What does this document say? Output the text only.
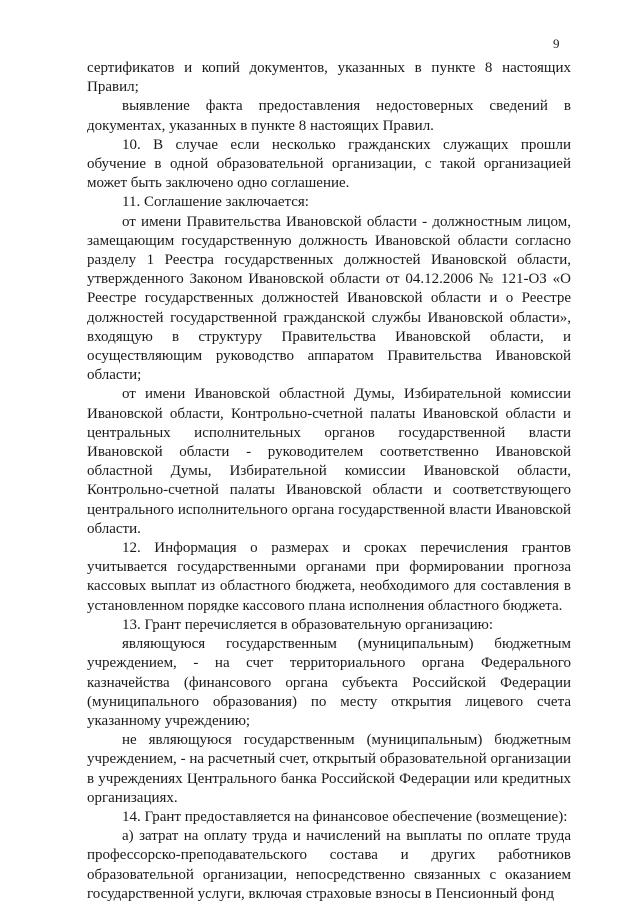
9

сертификатов и копий документов, указанных в пункте 8 настоящих Правил;

выявление факта предоставления недостоверных сведений в документах, указанных в пункте 8 настоящих Правил.

10. В случае если несколько гражданских служащих прошли обучение в одной образовательной организации, с такой организацией может быть заключено одно соглашение.

11. Соглашение заключается:

от имени Правительства Ивановской области - должностным лицом, замещающим государственную должность Ивановской области согласно разделу 1 Реестра государственных должностей Ивановской области, утвержденного Законом Ивановской области от 04.12.2006 № 121-ОЗ «О Реестре государственных должностей Ивановской области и о Реестре должностей государственной гражданской службы Ивановской области», входящую в структуру Правительства Ивановской области, и осуществляющим руководство аппаратом Правительства Ивановской области;

от имени Ивановской областной Думы, Избирательной комиссии Ивановской области, Контрольно-счетной палаты Ивановской области и центральных исполнительных органов государственной власти Ивановской области - руководителем соответственно Ивановской областной Думы, Избирательной комиссии Ивановской области, Контрольно-счетной палаты Ивановской области и соответствующего центрального исполнительного органа государственной власти Ивановской области.

12. Информация о размерах и сроках перечисления грантов учитывается государственными органами при формировании прогноза кассовых выплат из областного бюджета, необходимого для составления в установленном порядке кассового плана исполнения областного бюджета.

13. Грант перечисляется в образовательную организацию:

являющуюся государственным (муниципальным) бюджетным учреждением, - на счет территориального органа Федерального казначейства (финансового органа субъекта Российской Федерации (муниципального образования) по месту открытия лицевого счета указанному учреждению;

не являющуюся государственным (муниципальным) бюджетным учреждением, - на расчетный счет, открытый образовательной организации в учреждениях Центрального банка Российской Федерации или кредитных организациях.

14. Грант предоставляется на финансовое обеспечение (возмещение):

а) затрат на оплату труда и начислений на выплаты по оплате труда профессорско-преподавательского состава и других работников образовательной организации, непосредственно связанных с оказанием государственной услуги, включая страховые взносы в Пенсионный фонд
